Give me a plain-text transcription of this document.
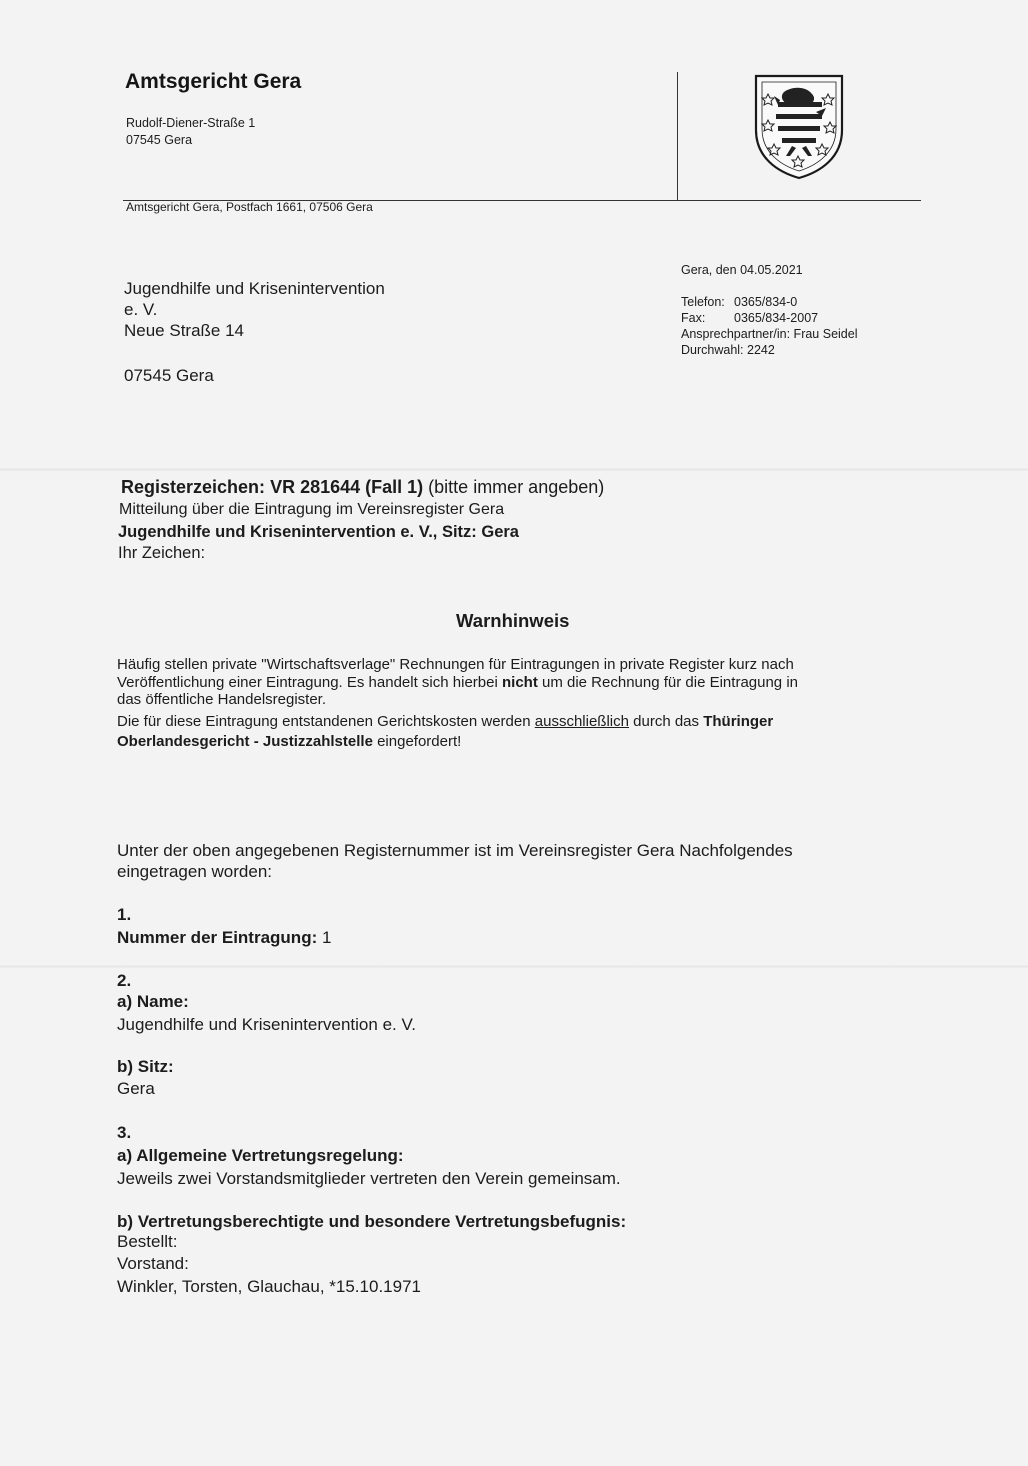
Amtsgericht Gera
Rudolf-Diener-Straße 1
07545 Gera
Amtsgericht Gera, Postfach 1661, 07506 Gera
Jugendhilfe und Krisenintervention
e. V.
Neue Straße 14
07545 Gera
Gera, den 04.05.2021
Telefon: 0365/834-0
Fax: 0365/834-2007
Ansprechpartner/in: Frau Seidel
Durchwahl: 2242
Registerzeichen: VR 281644 (Fall 1) (bitte immer angeben)
Mitteilung über die Eintragung im Vereinsregister Gera
Jugendhilfe und Krisenintervention e. V., Sitz: Gera
Ihr Zeichen:
Warnhinweis
Häufig stellen private "Wirtschaftsverlage" Rechnungen für Eintragungen in private Register kurz nach
Veröffentlichung einer Eintragung. Es handelt sich hierbei nicht um die Rechnung für die Eintragung in
das öffentliche Handelsregister.
Die für diese Eintragung entstandenen Gerichtskosten werden ausschließlich durch das Thüringer
Oberlandesgericht - Justizzahlstelle eingefordert!
Unter der oben angegebenen Registernummer ist im Vereinsregister Gera Nachfolgendes
eingetragen worden:
1.
Nummer der Eintragung: 1
2.
a) Name:
Jugendhilfe und Krisenintervention e. V.
b) Sitz:
Gera
3.
a) Allgemeine Vertretungsregelung:
Jeweils zwei Vorstandsmitglieder vertreten den Verein gemeinsam.
b) Vertretungsberechtigte und besondere Vertretungsbefugnis:
Bestellt:
Vorstand:
Winkler, Torsten, Glauchau, *15.10.1971
